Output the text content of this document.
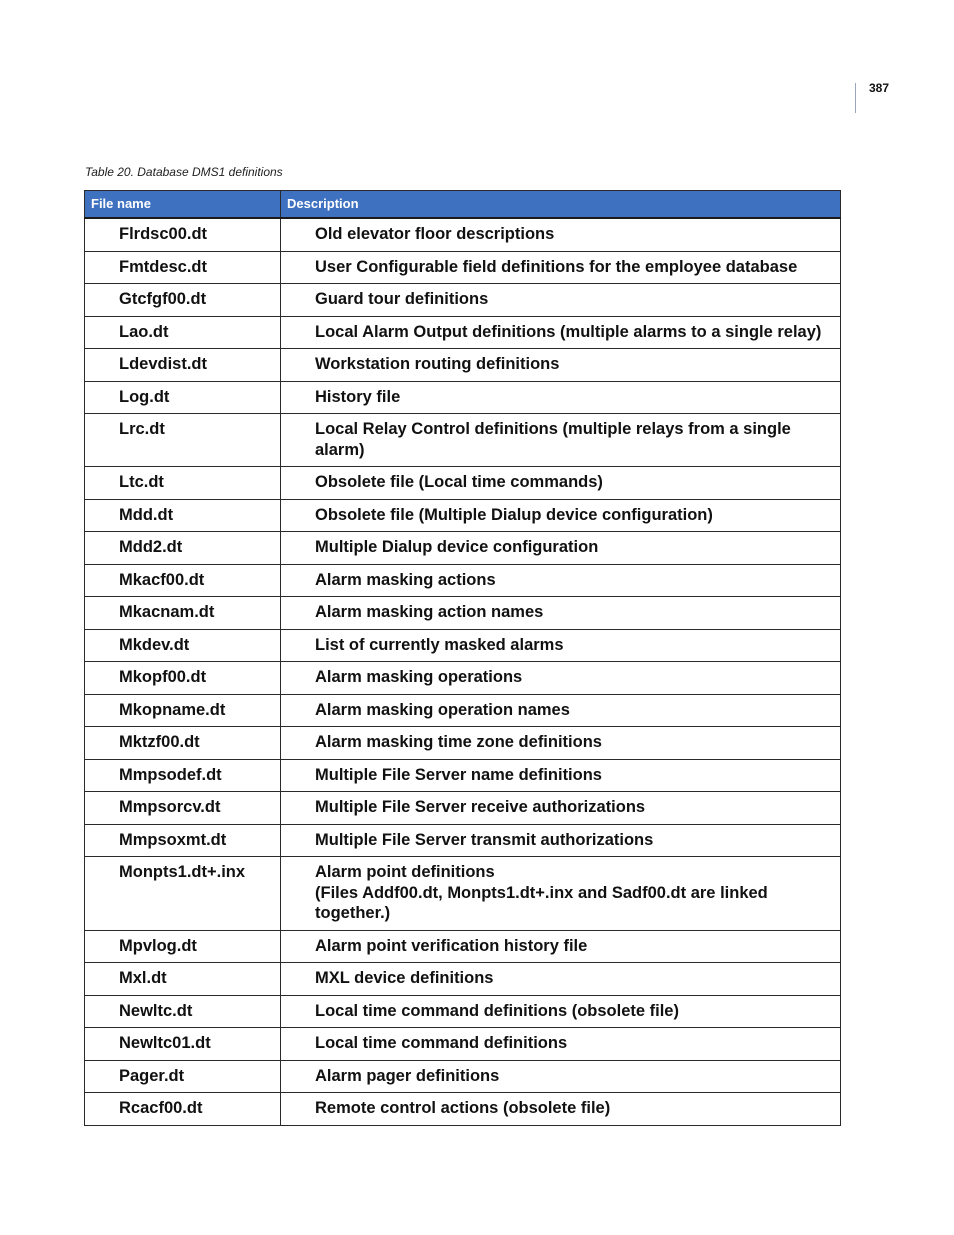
387
Table 20. Database DMS1 definitions
File name	Description
Flrdsc00.dt	Old elevator floor descriptions
Fmtdesc.dt	User Configurable field definitions for the employee database
Gtcfgf00.dt	Guard tour definitions
Lao.dt	Local Alarm Output definitions (multiple alarms to a single relay)
Ldevdist.dt	Workstation routing definitions
Log.dt	History file
Lrc.dt	Local Relay Control definitions (multiple relays from a single alarm)
Ltc.dt	Obsolete file (Local time commands)
Mdd.dt	Obsolete file (Multiple Dialup device configuration)
Mdd2.dt	Multiple Dialup device configuration
Mkacf00.dt	Alarm masking actions
Mkacnam.dt	Alarm masking action names
Mkdev.dt	List of currently masked alarms
Mkopf00.dt	Alarm masking operations
Mkopname.dt	Alarm masking operation names
Mktzf00.dt	Alarm masking time zone definitions
Mmpsodef.dt	Multiple File Server name definitions
Mmpsorcv.dt	Multiple File Server receive authorizations
Mmpsoxmt.dt	Multiple File Server transmit authorizations
Monpts1.dt+.inx	Alarm point definitions
(Files Addf00.dt, Monpts1.dt+.inx and Sadf00.dt are linked together.)
Mpvlog.dt	Alarm point verification history file
Mxl.dt	MXL device definitions
Newltc.dt	Local time command definitions (obsolete file)
Newltc01.dt	Local time command definitions
Pager.dt	Alarm pager definitions
Rcacf00.dt	Remote control actions (obsolete file)
